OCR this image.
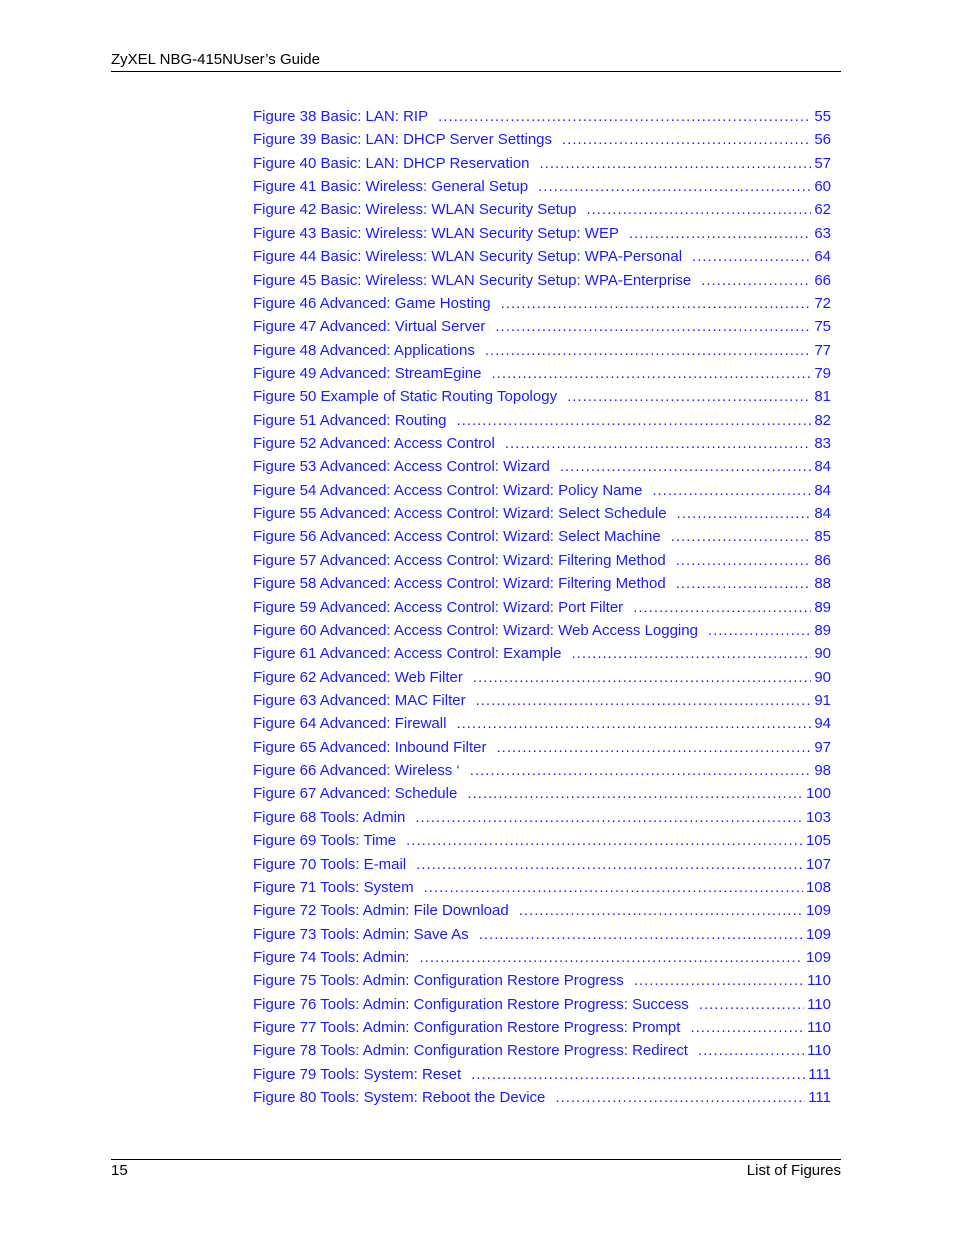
ZyXEL NBG-415NUser’s Guide
Figure 38 Basic: LAN: RIP .....	55
Figure 39 Basic: LAN: DHCP Server Settings .....	56
Figure 40 Basic: LAN: DHCP Reservation .....	57
Figure 41 Basic: Wireless: General Setup .....	60
Figure 42 Basic: Wireless: WLAN Security Setup .....	62
Figure 43 Basic: Wireless: WLAN Security Setup: WEP .....	63
Figure 44 Basic: Wireless: WLAN Security Setup: WPA-Personal .....	64
Figure 45 Basic: Wireless: WLAN Security Setup: WPA-Enterprise .....	66
Figure 46 Advanced: Game Hosting .....	72
Figure 47 Advanced: Virtual Server .....	75
Figure 48 Advanced: Applications .....	77
Figure 49 Advanced: StreamEgine .....	79
Figure 50 Example of Static Routing Topology .....	81
Figure 51 Advanced: Routing .....	82
Figure 52 Advanced: Access Control .....	83
Figure 53 Advanced: Access Control: Wizard .....	84
Figure 54 Advanced: Access Control: Wizard: Policy Name .....	84
Figure 55 Advanced: Access Control: Wizard: Select Schedule .....	84
Figure 56 Advanced: Access Control: Wizard: Select Machine .....	85
Figure 57 Advanced: Access Control: Wizard: Filtering Method .....	86
Figure 58 Advanced: Access Control: Wizard: Filtering Method .....	88
Figure 59 Advanced: Access Control: Wizard: Port Filter .....	89
Figure 60 Advanced: Access Control: Wizard: Web Access Logging .....	89
Figure 61 Advanced: Access Control: Example .....	90
Figure 62 Advanced: Web Filter .....	90
Figure 63 Advanced: MAC Filter .....	91
Figure 64 Advanced: Firewall .....	94
Figure 65 Advanced: Inbound Filter .....	97
Figure 66 Advanced: Wireless ‘ .....	98
Figure 67 Advanced: Schedule .....	100
Figure 68 Tools: Admin .....	103
Figure 69 Tools: Time .....	105
Figure 70 Tools: E-mail .....	107
Figure 71 Tools: System .....	108
Figure 72 Tools: Admin: File Download .....	109
Figure 73 Tools: Admin: Save As .....	109
Figure 74 Tools: Admin: .....	109
Figure 75 Tools: Admin: Configuration Restore Progress .....	110
Figure 76 Tools: Admin: Configuration Restore Progress: Success .....	110
Figure 77 Tools: Admin: Configuration Restore Progress: Prompt .....	110
Figure 78 Tools: Admin: Configuration Restore Progress: Redirect .....	110
Figure 79 Tools: System: Reset .....	111
Figure 80 Tools: System: Reboot the Device .....	111
15	List of Figures
